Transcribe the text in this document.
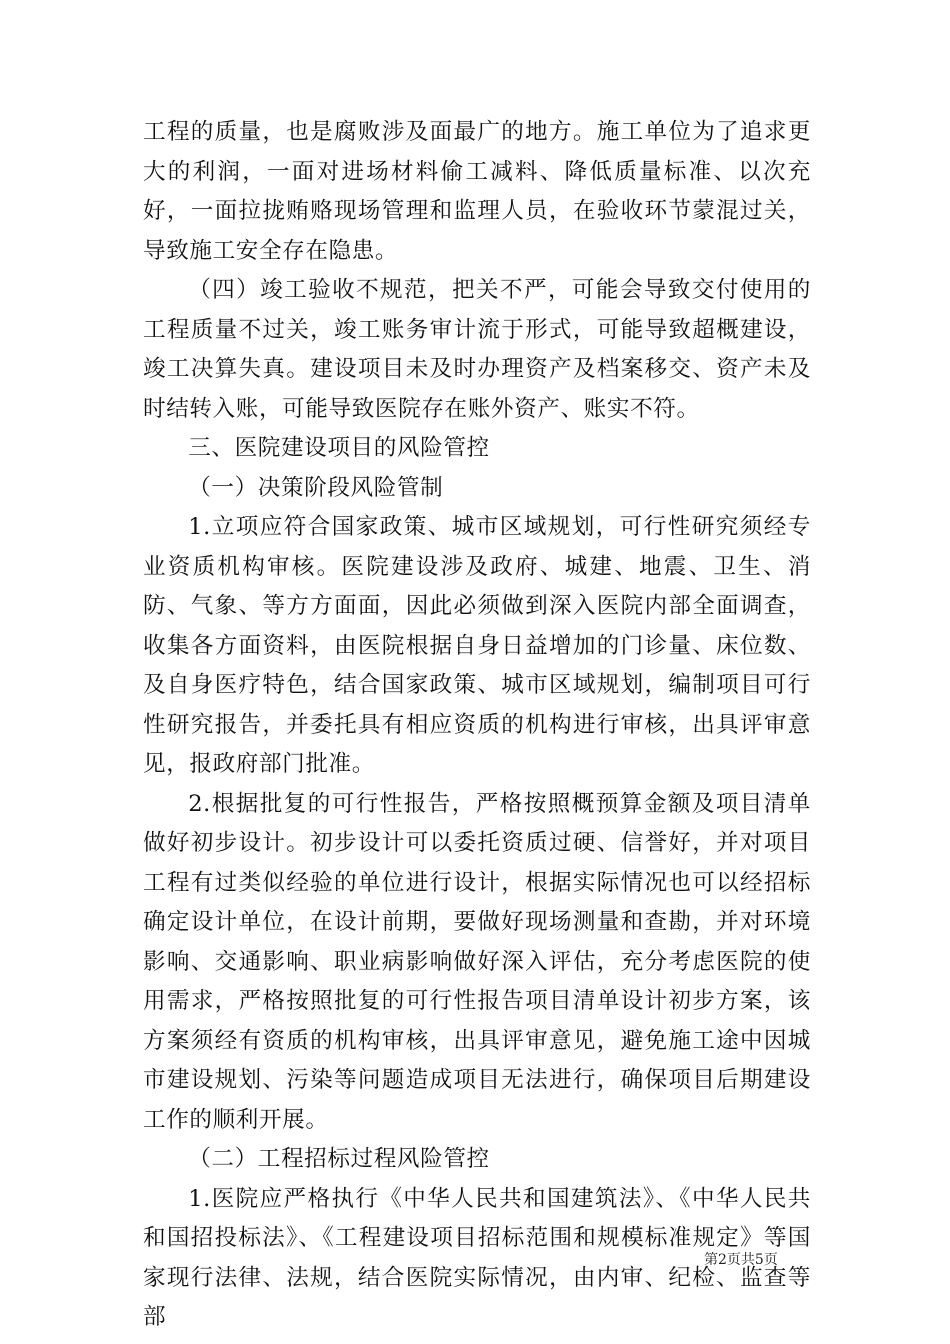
工程的质量，也是腐败涉及面最广的地方。施工单位为了追求更大的利润，一面对进场材料偷工减料、降低质量标准、以次充好，一面拉拢贿赂现场管理和监理人员，在验收环节蒙混过关，导致施工安全存在隐患。

（四）竣工验收不规范，把关不严，可能会导致交付使用的工程质量不过关，竣工账务审计流于形式，可能导致超概建设，竣工决算失真。建设项目未及时办理资产及档案移交、资产未及时结转入账，可能导致医院存在账外资产、账实不符。

三、医院建设项目的风险管控

（一）决策阶段风险管制

1.立项应符合国家政策、城市区域规划，可行性研究须经专业资质机构审核。医院建设涉及政府、城建、地震、卫生、消防、气象、等方方面面，因此必须做到深入医院内部全面调查，收集各方面资料，由医院根据自身日益增加的门诊量、床位数、及自身医疗特色，结合国家政策、城市区域规划，编制项目可行性研究报告，并委托具有相应资质的机构进行审核，出具评审意见，报政府部门批准。

2.根据批复的可行性报告，严格按照概预算金额及项目清单做好初步设计。初步设计可以委托资质过硬、信誉好，并对项目工程有过类似经验的单位进行设计，根据实际情况也可以经招标确定设计单位，在设计前期，要做好现场测量和查勘，并对环境影响、交通影响、职业病影响做好深入评估，充分考虑医院的使用需求，严格按照批复的可行性报告项目清单设计初步方案，该方案须经有资质的机构审核，出具评审意见，避免施工途中因城市建设规划、污染等问题造成项目无法进行，确保项目后期建设工作的顺利开展。

（二）工程招标过程风险管控

1.医院应严格执行《中华人民共和国建筑法》、《中华人民共和国招投标法》、《工程建设项目招标范围和规模标准规定》等国家现行法律、法规，结合医院实际情况，由内审、纪检、监查等部

第2页共5页
